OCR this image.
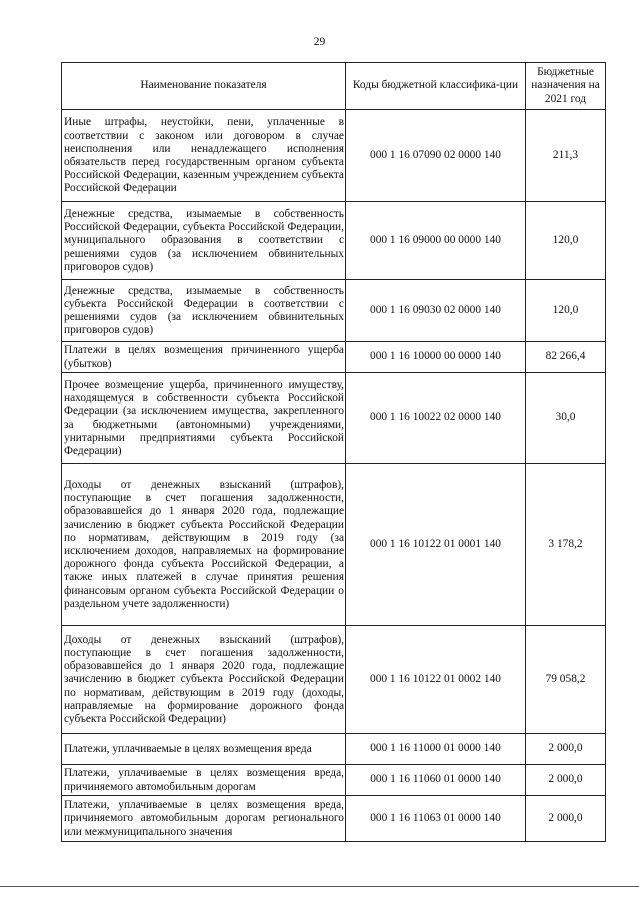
29
Наименование показателя	Коды бюджетной классифика-ции	Бюджетные назначения на 2021 год
Иные штрафы, неустойки, пени, уплаченные в соответствии с законом или договором в случае неисполнения или ненадлежащего исполнения обязательств перед государственным органом субъекта Российской Федерации, казенным учреждением субъекта Российской Федерации	000 1 16 07090 02 0000 140	211,3
Денежные средства, изымаемые в собственность Российской Федерации, субъекта Российской Федерации, муниципального образования в соответствии с решениями судов (за исключением обвинительных приговоров судов)	000 1 16 09000 00 0000 140	120,0
Денежные средства, изымаемые в собственность субъекта Российской Федерации в соответствии с решениями судов (за исключением обвинительных приговоров судов)	000 1 16 09030 02 0000 140	120,0
Платежи в целях возмещения причиненного ущерба (убытков)	000 1 16 10000 00 0000 140	82 266,4
Прочее возмещение ущерба, причиненного имуществу, находящемуся в собственности субъекта Российской Федерации (за исключением имущества, закрепленного за бюджетными (автономными) учреждениями, унитарными предприятиями субъекта Российской Федерации)	000 1 16 10022 02 0000 140	30,0
Доходы от денежных взысканий (штрафов), поступающие в счет погашения задолженности, образовавшейся до 1 января 2020 года, подлежащие зачислению в бюджет субъекта Российской Федерации по нормативам, действующим в 2019 году (за исключением доходов, направляемых на формирование дорожного фонда субъекта Российской Федерации, а также иных платежей в случае принятия решения финансовым органом субъекта Российской Федерации о раздельном учете задолженности)	000 1 16 10122 01 0001 140	3 178,2
Доходы от денежных взысканий (штрафов), поступающие в счет погашения задолженности, образовавшейся до 1 января 2020 года, подлежащие зачислению в бюджет субъекта Российской Федерации по нормативам, действующим в 2019 году (доходы, направляемые на формирование дорожного фонда субъекта Российской Федерации)	000 1 16 10122 01 0002 140	79 058,2
Платежи, уплачиваемые в целях возмещения вреда	000 1 16 11000 01 0000 140	2 000,0
Платежи, уплачиваемые в целях возмещения вреда, причиняемого автомобильным дорогам	000 1 16 11060 01 0000 140	2 000,0
Платежи, уплачиваемые в целях возмещения вреда, причиняемого автомобильным дорогам регионального или межмуниципального значения	000 1 16 11063 01 0000 140	2 000,0
